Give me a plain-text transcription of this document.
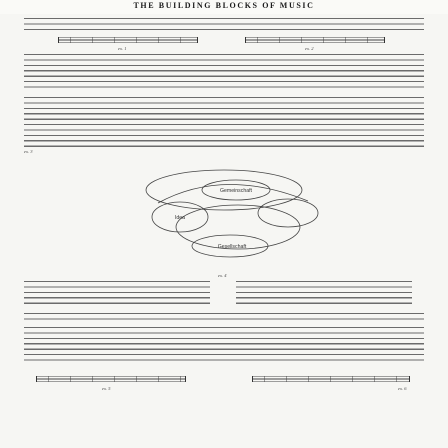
THE BUILDING BLOCKS OF MUSIC
ex. 1	ex. 2
ex. 3
Gemeinschaft
Idea
Gesellschaft
ex. 4
ex. 5	ex. 6
